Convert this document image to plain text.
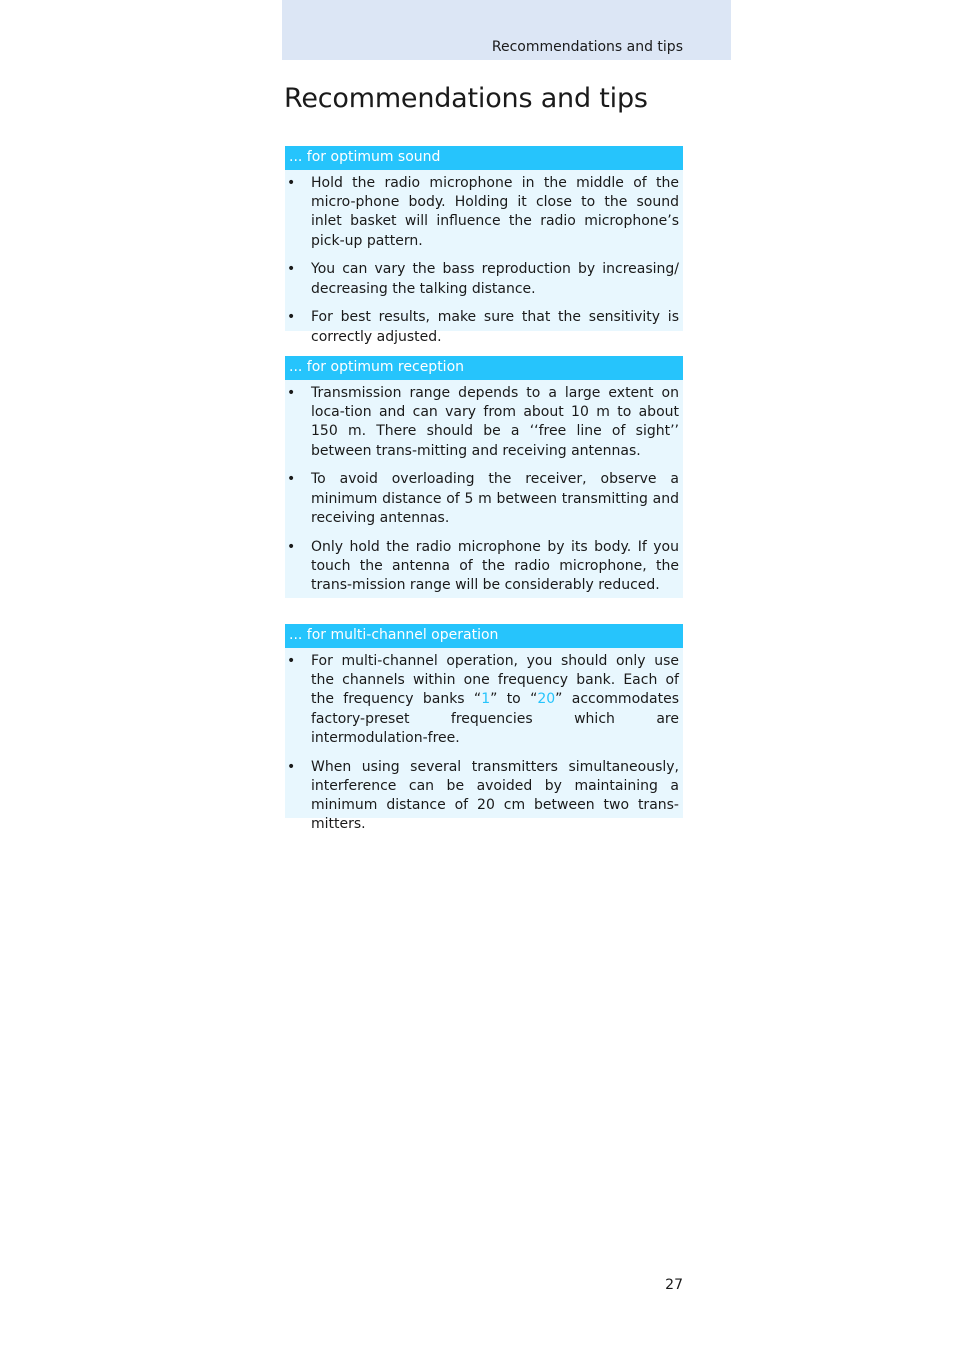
Recommendations and tips
Recommendations and tips
... for optimum sound
• Hold the radio microphone in the middle of the micro-phone body. Holding it close to the sound inlet basket will influence the radio microphone’s pick-up pattern.
• You can vary the bass reproduction by increasing/ decreasing the talking distance.
• For best results, make sure that the sensitivity is correctly adjusted.
... for optimum reception
• Transmission range depends to a large extent on loca-tion and can vary from about 10 m to about 150 m. There should be a ‘‘free line of sight’’ between trans-mitting and receiving antennas.
• To avoid overloading the receiver, observe a minimum distance of 5 m between transmitting and receiving antennas.
• Only hold the radio microphone by its body. If you touch the antenna of the radio microphone, the trans-mission range will be considerably reduced.
... for multi-channel operation
• For multi-channel operation, you should only use the channels within one frequency bank. Each of the frequency banks “1” to “20” accommodates factory-preset frequencies which are intermodulation-free.
• When using several transmitters simultaneously, interference can be avoided by maintaining a minimum distance of 20 cm between two trans-mitters.
27
